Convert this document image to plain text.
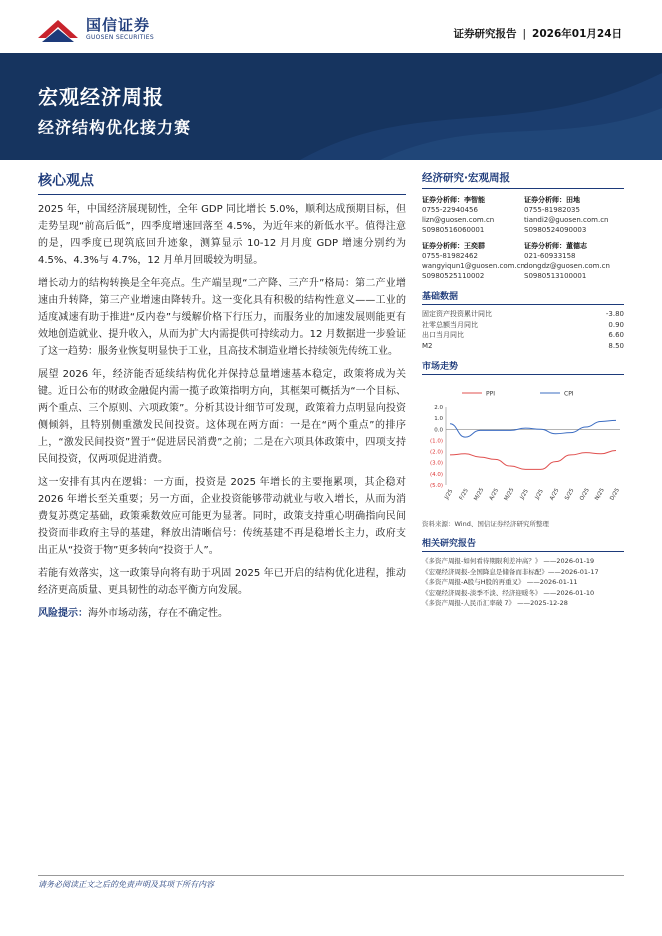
国信证券
GUOSEN SECURITIES	证券研究报告 | 2026年01月24日
宏观经济周报
经济结构优化接力赛
核心观点

2025 年，中国经济展现韧性，全年 GDP 同比增长 5.0%，顺利达成预期目标，但走势呈现“前高后低”，四季度增速回落至 4.5%，为近年来的新低水平。值得注意的是，四季度已现筑底回升迹象，测算显示 10-12 月月度 GDP 增速分别约为 4.5%、4.3%与 4.7%，12 月单月回暖较为明显。

增长动力的结构转换是全年亮点。生产端呈现“二产降、三产升”格局：第二产业增速由升转降，第三产业增速由降转升。这一变化具有积极的结构性意义——工业的适度减速有助于推进“反内卷”与缓解价格下行压力，而服务业的加速发展则能更有效地创造就业、提升收入，从而为扩大内需提供可持续动力。12 月数据进一步验证了这一趋势：服务业恢复明显快于工业，且高技术制造业增长持续领先传统工业。

展望 2026 年，经济能否延续结构优化并保持总量增速基本稳定，政策将成为关键。近日公布的财政金融促内需一揽子政策指明方向，其框架可概括为“一个目标、两个重点、三个原则、六项政策”。分析其设计细节可发现，政策着力点明显向投资侧倾斜，且特别侧重激发民间投资。这体现在两方面：一是在“两个重点”的排序上，“激发民间投资”置于“促进居民消费”之前；二是在六项具体政策中，四项支持民间投资，仅两项促进消费。

这一安排有其内在逻辑：一方面，投资是 2025 年增长的主要拖累项，其企稳对 2026 年增长至关重要；另一方面，企业投资能够带动就业与收入增长，从而为消费复苏奠定基础，政策乘数效应可能更为显著。同时，政策支持重心明确指向民间投资而非政府主导的基建，释放出清晰信号：传统基建不再是稳增长主力，政府支出正从“投资于物”更多转向“投资于人”。

若能有效落实，这一政策导向将有助于巩固 2025 年已开启的结构优化进程，推动经济更高质量、更具韧性的动态平衡方向发展。

风险提示：海外市场动荡，存在不确定性。

经济研究·宏观周报
证券分析师：李智能
0755-22940456
lizn@guosen.com.cn
S0980516060001
证券分析师：田地
0755-81982035
tiandi2@guosen.com.cn
S0980524090003
证券分析师：王奕群
0755-81982462
wangyiqun1@guosen.com.cn
S0980525110002
证券分析师：董德志
021-60933158
dongdz@guosen.com.cn
S0980513100001
基础数据
固定资产投资累计同比	-3.80
社零总额当月同比	0.90
出口当月同比	6.60
M2	8.50
市场走势
PPI	CPI
2.0
1.0
0.0
(1.0)
(2.0)
(3.0)
(4.0)
(5.0)
J/25 F/25 M/25 A/25 M/25 J/25 J/25 A/25 S/25 O/25 N/25 D/25
资料来源：Wind、国信证券经济研究所整理
相关研究报告
《多资产周报-如何看待期限利差冲高？》 ——2026-01-19
《宏观经济周报-全国降息是储备而非标配》——2026-01-17
《多资产周报-A股与H股的再重叉》 ——2026-01-11
《宏观经济周报-淡季不淡、经济迎暖冬》 ——2026-01-10
《多资产周报-人民币汇率破 7》 ——2025-12-28
请务必阅读正文之后的免责声明及其项下所有内容
